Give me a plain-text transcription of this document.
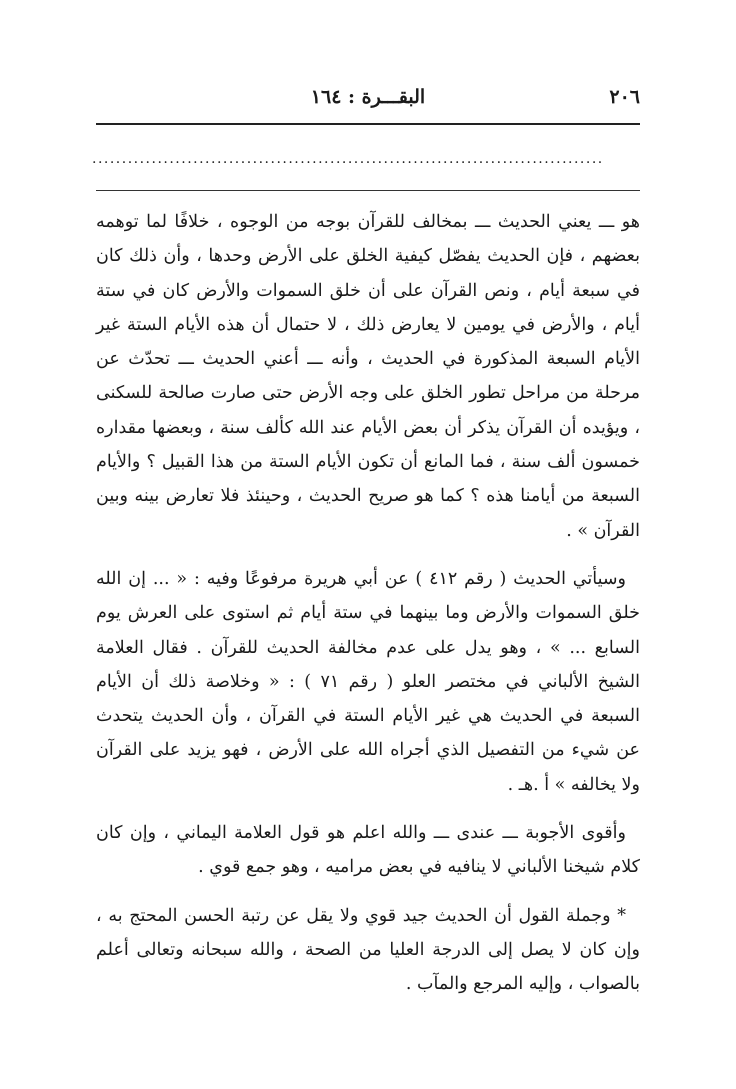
٢٠٦
البقـــرة : ١٦٤
......................................................................................

هو ـــ يعني الحديث ـــ بمخالف للقرآن بوجه من الوجوه ، خلافًا لما توهمه بعضهم ، فإن الحديث يفصّل كيفية الخلق على الأرض وحدها ، وأن ذلك كان في سبعة أيام ، ونص القرآن على أن خلق السموات والأرض كان في ستة أيام ، والأرض في يومين لا يعارض ذلك ، لا حتمال أن هذه الأيام الستة غير الأيام السبعة المذكورة في الحديث ، وأنه ـــ أعني الحديث ـــ تحدّث عن مرحلة من مراحل تطور الخلق على وجه الأرض حتى صارت صالحة للسكنى ، ويؤيده أن القرآن يذكر أن بعض الأيام عند الله كألف سنة ، وبعضها مقداره خمسون ألف سنة ، فما المانع أن تكون الأيام الستة من هذا القبيل ؟ والأيام السبعة من أيامنا هذه ؟ كما هو صريح الحديث ، وحينئذ فلا تعارض بينه وبين القرآن » .

وسيأتي الحديث ( رقم ٤١٢ ) عن أبي هريرة مرفوعًا وفيه : « ... إن الله خلق السموات والأرض وما بينهما في ستة أيام ثم استوى على العرش يوم السابع ... » ، وهو يدل على عدم مخالفة الحديث للقرآن . فقال العلامة الشيخ الألباني في مختصر العلو ( رقم ٧١ ) : « وخلاصة ذلك أن الأيام السبعة في الحديث هي غير الأيام الستة في القرآن ، وأن الحديث يتحدث عن شيء من التفصيل الذي أجراه الله على الأرض ، فهو يزيد على القرآن ولا يخالفه » أ .هـ .

وأقوى الأجوبة ـــ عندى ـــ والله اعلم هو قول العلامة اليماني ، وإن كان كلام شيخنا الألباني لا ينافيه في بعض مراميه ، وهو جمع قوي .

* وجملة القول أن الحديث جيد قوي ولا يقل عن رتبة الحسن المحتج به ، وإن كان لا يصل إلى الدرجة العليا من الصحة ، والله سبحانه وتعالى أعلم بالصواب ، وإليه المرجع والمآب .
